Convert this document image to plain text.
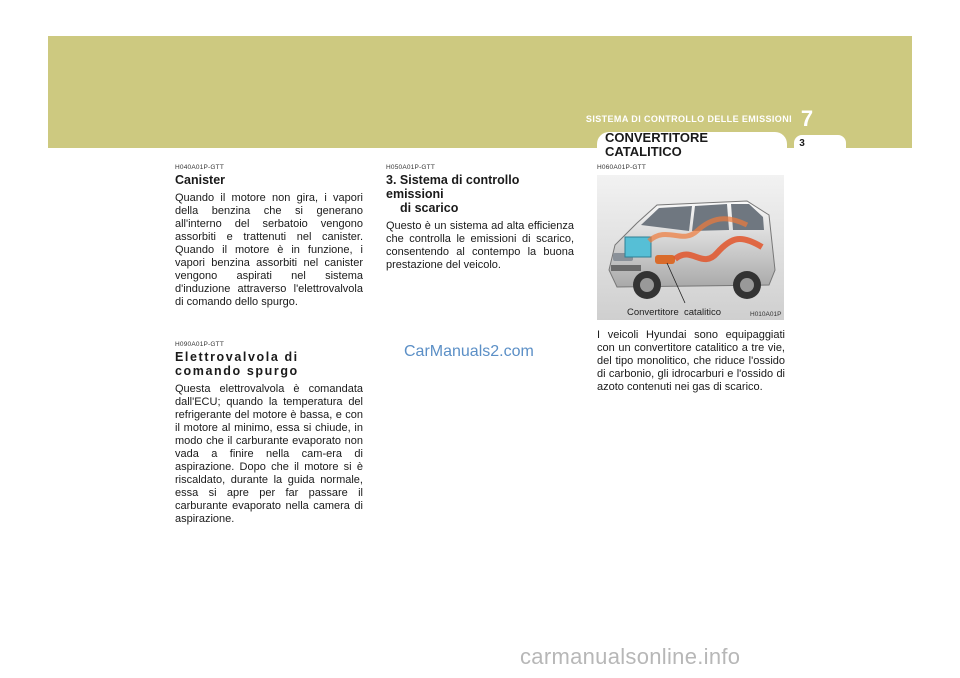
SISTEMA DI CONTROLLO DELLE EMISSIONI 7
CONVERTITORE
CATALITICO
3
H040A01P-GTT
Canister
Quando il motore non gira, i vapori della benzina che si generano all'interno del serbatoio vengono assorbiti e trattenuti nel canister. Quando il motore è in funzione, i vapori benzina assorbiti nel canister vengono aspirati nel sistema d'induzione attraverso l'elettrovalvola di comando dello spurgo.
H090A01P-GTT
Elettrovalvola di comando spurgo
Questa elettrovalvola è comandata dall'ECU; quando la temperatura del refrigerante del motore è bassa, e con il motore al minimo, essa si chiude, in modo che il carburante evaporato non vada a finire nella cam-era di aspirazione. Dopo che il motore si è riscaldato, durante la guida normale, essa si apre per far passare il carburante evaporato nella camera di aspirazione.
H050A01P-GTT
3. Sistema di controllo emissioni
di scarico
Questo è un sistema ad alta efficienza che controlla le emissioni di scarico, consentendo al contempo la buona prestazione del veicolo.
CarManuals2.com
H060A01P-GTT
Convertitore  catalitico	H010A01P
I veicoli Hyundai sono equipaggiati con un convertitore catalitico a tre vie, del tipo monolitico, che riduce l'ossido di carbonio, gli idrocarburi e l'ossido di azoto contenuti nei gas di scarico.
carmanualsonline.info
